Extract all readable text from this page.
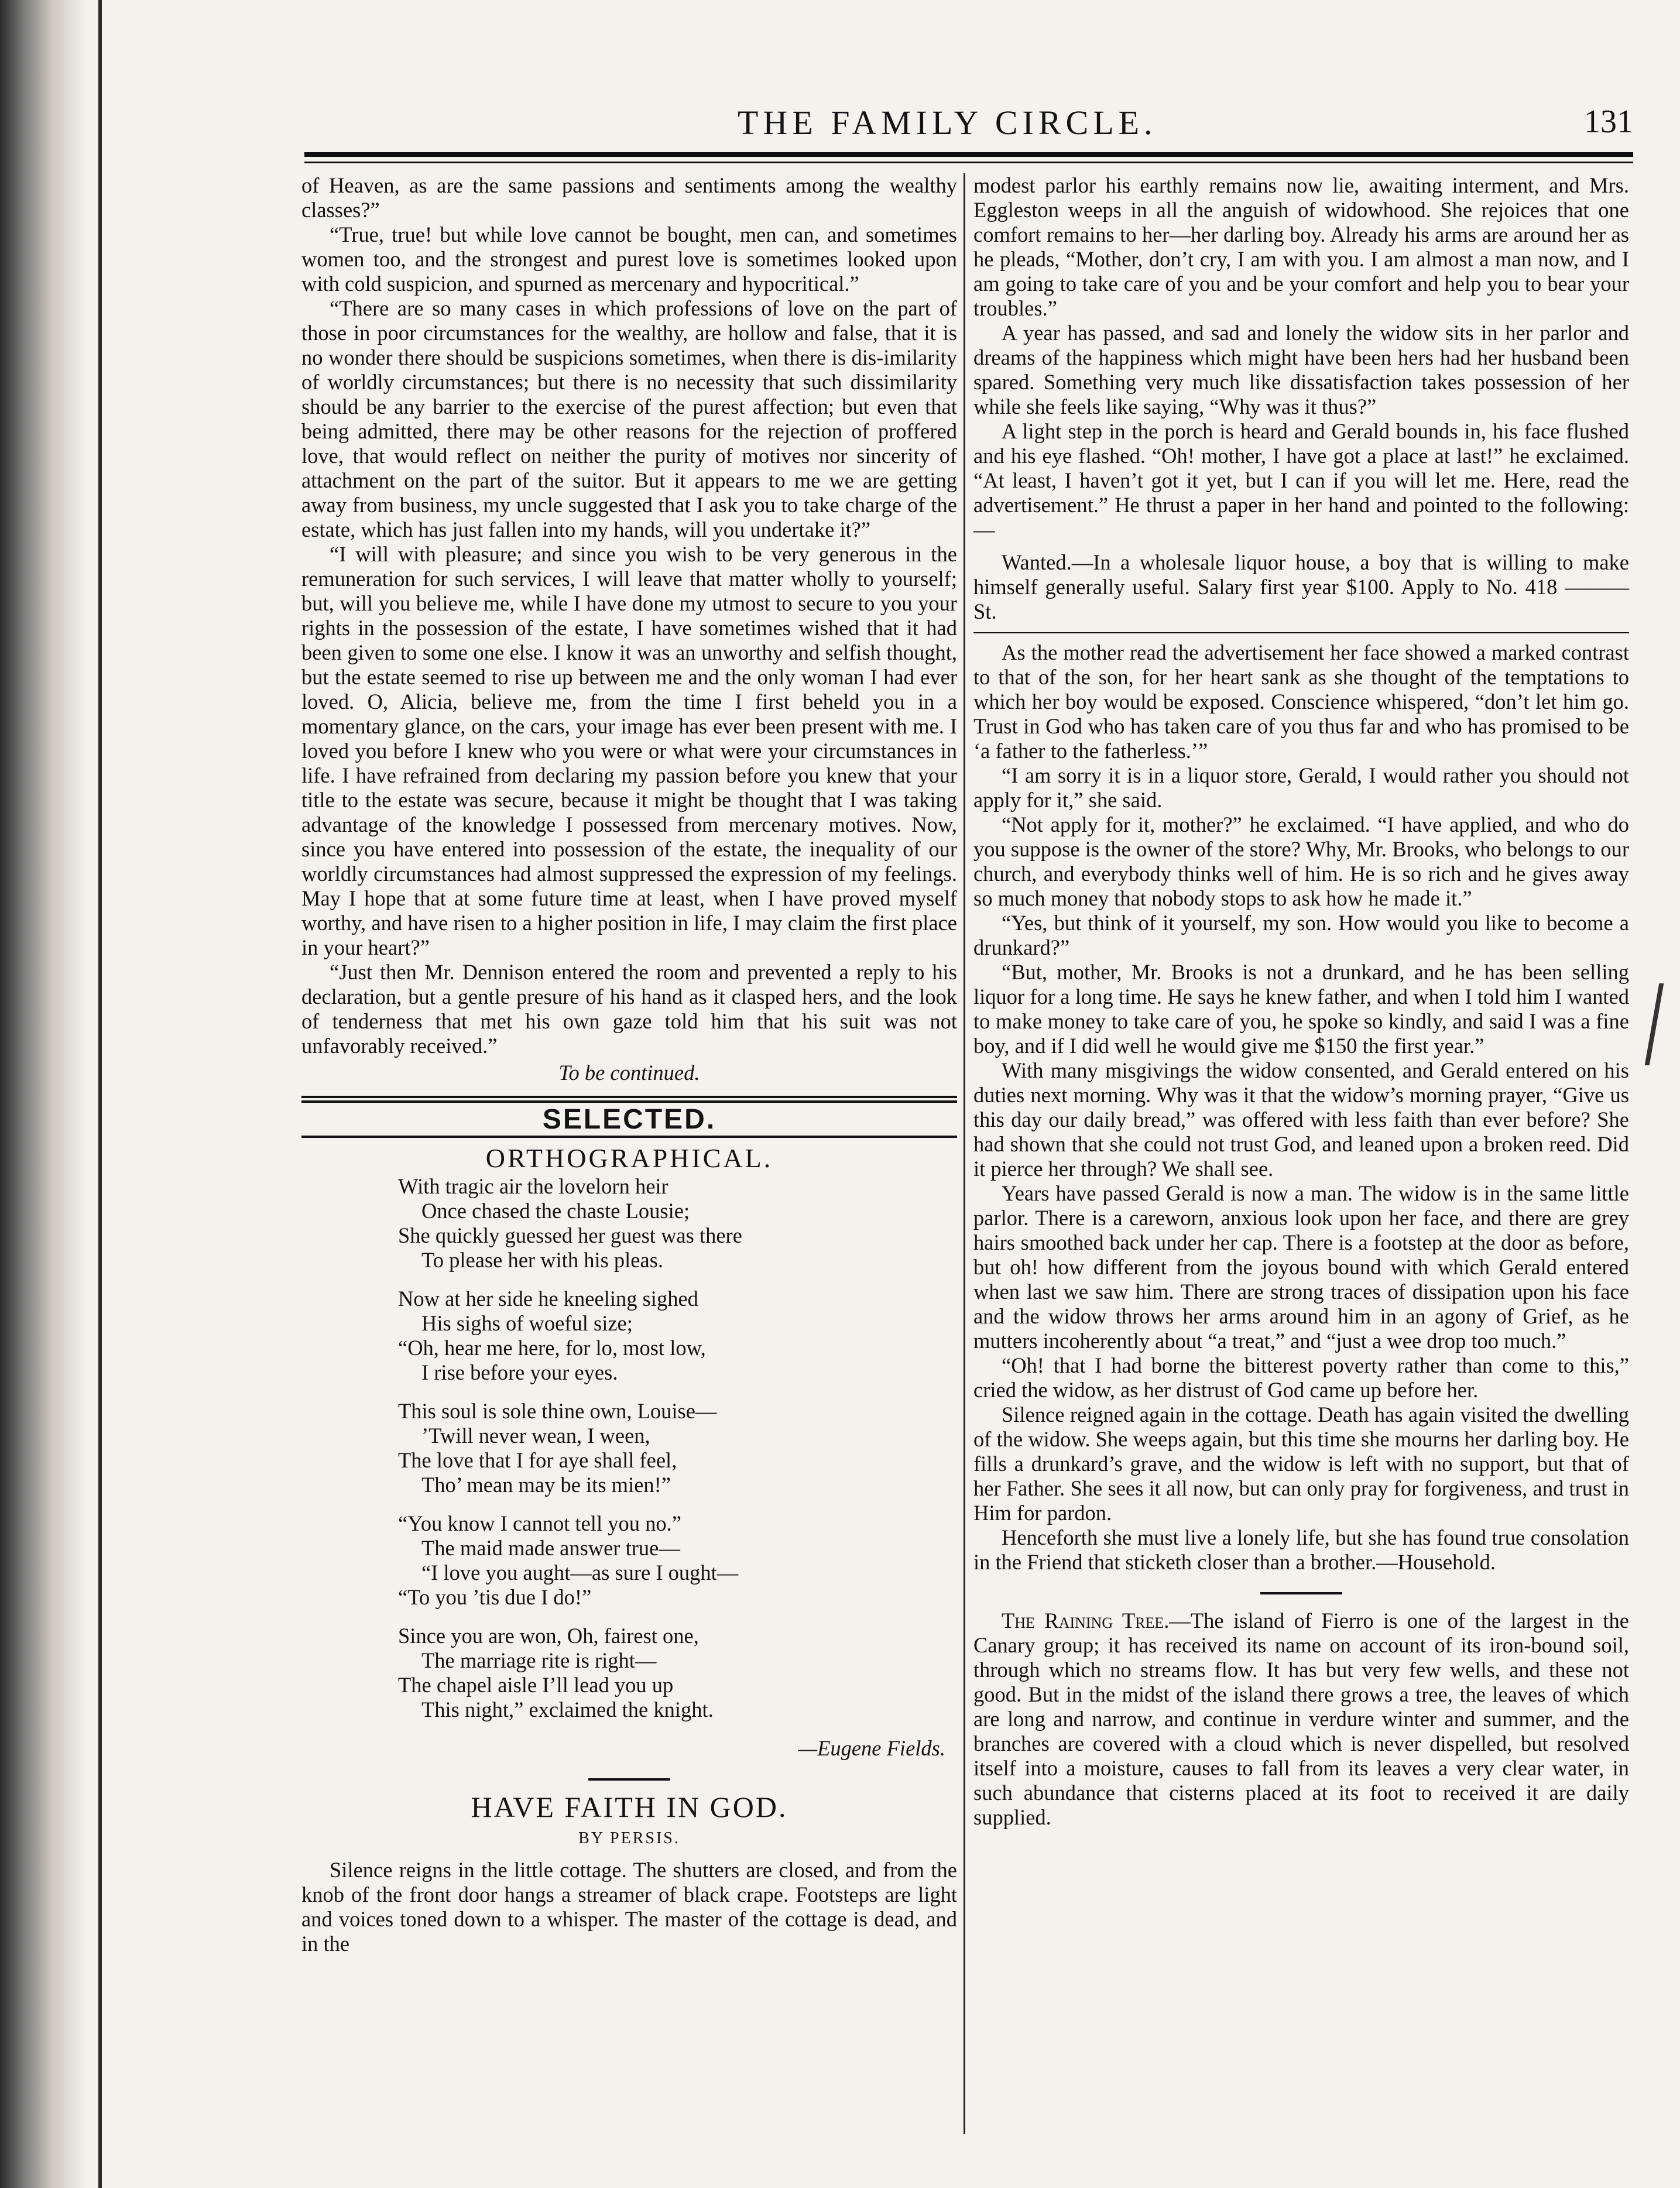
THE FAMILY CIRCLE.	131

of Heaven, as are the same passions and sentiments among the wealthy classes?”

“True, true! but while love cannot be bought, men can, and sometimes women too, and the strongest and purest love is sometimes looked upon with cold suspicion, and spurned as mercenary and hypocritical.”

“There are so many cases in which professions of love on the part of those in poor circumstances for the wealthy, are hollow and false, that it is no wonder there should be suspicions sometimes, when there is dis-imilarity of worldly circumstances; but there is no necessity that such dissimilarity should be any barrier to the exercise of the purest affection; but even that being admitted, there may be other reasons for the rejection of proffered love, that would reflect on neither the purity of motives nor sincerity of attachment on the part of the suitor. But it appears to me we are getting away from business, my uncle suggested that I ask you to take charge of the estate, which has just fallen into my hands, will you undertake it?”

“I will with pleasure; and since you wish to be very generous in the remuneration for such services, I will leave that matter wholly to yourself; but, will you believe me, while I have done my utmost to secure to you your rights in the possession of the estate, I have sometimes wished that it had been given to some one else. I know it was an unworthy and selfish thought, but the estate seemed to rise up between me and the only woman I had ever loved. O, Alicia, believe me, from the time I first beheld you in a momentary glance, on the cars, your image has ever been present with me. I loved you before I knew who you were or what were your circumstances in life. I have refrained from declaring my passion before you knew that your title to the estate was secure, because it might be thought that I was taking advantage of the knowledge I possessed from mercenary motives. Now, since you have entered into possession of the estate, the inequality of our worldly circumstances had almost suppressed the expression of my feelings. May I hope that at some future time at least, when I have proved myself worthy, and have risen to a higher position in life, I may claim the first place in your heart?”

“Just then Mr. Dennison entered the room and prevented a reply to his declaration, but a gentle presure of his hand as it clasped hers, and the look of tenderness that met his own gaze told him that his suit was not unfavorably received.”

To be continued.
SELECTED.
ORTHOGRAPHICAL.
With tragic air the lovelorn heir
Once chased the chaste Lousie;
She quickly guessed her guest was there
To please her with his pleas.
Now at her side he kneeling sighed
His sighs of woeful size;
“Oh, hear me here, for lo, most low,
I rise before your eyes.
This soul is sole thine own, Louise—
’Twill never wean, I ween,
The love that I for aye shall feel,
Tho’ mean may be its mien!”
“You know I cannot tell you no.”
The maid made answer true—
“I love you aught—as sure I ought—
“To you ’tis due I do!”
Since you are won, Oh, fairest one,
The marriage rite is right—
The chapel aisle I’ll lead you up
This night,” exclaimed the knight.
—Eugene Fields.
HAVE FAITH IN GOD.
BY PERSIS.

Silence reigns in the little cottage. The shutters are closed, and from the knob of the front door hangs a streamer of black crape. Footsteps are light and voices toned down to a whisper. The master of the cottage is dead, and in the

modest parlor his earthly remains now lie, awaiting interment, and Mrs. Eggleston weeps in all the anguish of widowhood. She rejoices that one comfort remains to her—her darling boy. Already his arms are around her as he pleads, “Mother, don’t cry, I am with you. I am almost a man now, and I am going to take care of you and be your comfort and help you to bear your troubles.”

A year has passed, and sad and lonely the widow sits in her parlor and dreams of the happiness which might have been hers had her husband been spared. Something very much like dissatisfaction takes possession of her while she feels like saying, “Why was it thus?”

A light step in the porch is heard and Gerald bounds in, his face flushed and his eye flashed. “Oh! mother, I have got a place at last!” he exclaimed. “At least, I haven’t got it yet, but I can if you will let me. Here, read the advertisement.” He thrust a paper in her hand and pointed to the following:—

Wanted.—In a wholesale liquor house, a boy that is willing to make himself generally useful. Salary first year $100. Apply to No. 418 ——— St.

As the mother read the advertisement her face showed a marked contrast to that of the son, for her heart sank as she thought of the temptations to which her boy would be exposed. Conscience whispered, “don’t let him go. Trust in God who has taken care of you thus far and who has promised to be ‘a father to the fatherless.’”

“I am sorry it is in a liquor store, Gerald, I would rather you should not apply for it,” she said.

“Not apply for it, mother?” he exclaimed. “I have applied, and who do you suppose is the owner of the store? Why, Mr. Brooks, who belongs to our church, and everybody thinks well of him. He is so rich and he gives away so much money that nobody stops to ask how he made it.”

“Yes, but think of it yourself, my son. How would you like to become a drunkard?”

“But, mother, Mr. Brooks is not a drunkard, and he has been selling liquor for a long time. He says he knew father, and when I told him I wanted to make money to take care of you, he spoke so kindly, and said I was a fine boy, and if I did well he would give me $150 the first year.”

With many misgivings the widow consented, and Gerald entered on his duties next morning. Why was it that the widow’s morning prayer, “Give us this day our daily bread,” was offered with less faith than ever before? She had shown that she could not trust God, and leaned upon a broken reed. Did it pierce her through? We shall see.

Years have passed Gerald is now a man. The widow is in the same little parlor. There is a careworn, anxious look upon her face, and there are grey hairs smoothed back under her cap. There is a footstep at the door as before, but oh! how different from the joyous bound with which Gerald entered when last we saw him. There are strong traces of dissipation upon his face and the widow throws her arms around him in an agony of Grief, as he mutters incoherently about “a treat,” and “just a wee drop too much.”

“Oh! that I had borne the bitterest poverty rather than come to this,” cried the widow, as her distrust of God came up before her.

Silence reigned again in the cottage. Death has again visited the dwelling of the widow. She weeps again, but this time she mourns her darling boy. He fills a drunkard’s grave, and the widow is left with no support, but that of her Father. She sees it all now, but can only pray for forgiveness, and trust in Him for pardon.

Henceforth she must live a lonely life, but she has found true consolation in the Friend that sticketh closer than a brother.—Household.

The Raining Tree.—The island of Fierro is one of the largest in the Canary group; it has received its name on account of its iron-bound soil, through which no streams flow. It has but very few wells, and these not good. But in the midst of the island there grows a tree, the leaves of which are long and narrow, and continue in verdure winter and summer, and the branches are covered with a cloud which is never dispelled, but resolved itself into a moisture, causes to fall from its leaves a very clear water, in such abundance that cisterns placed at its foot to received it are daily supplied.
